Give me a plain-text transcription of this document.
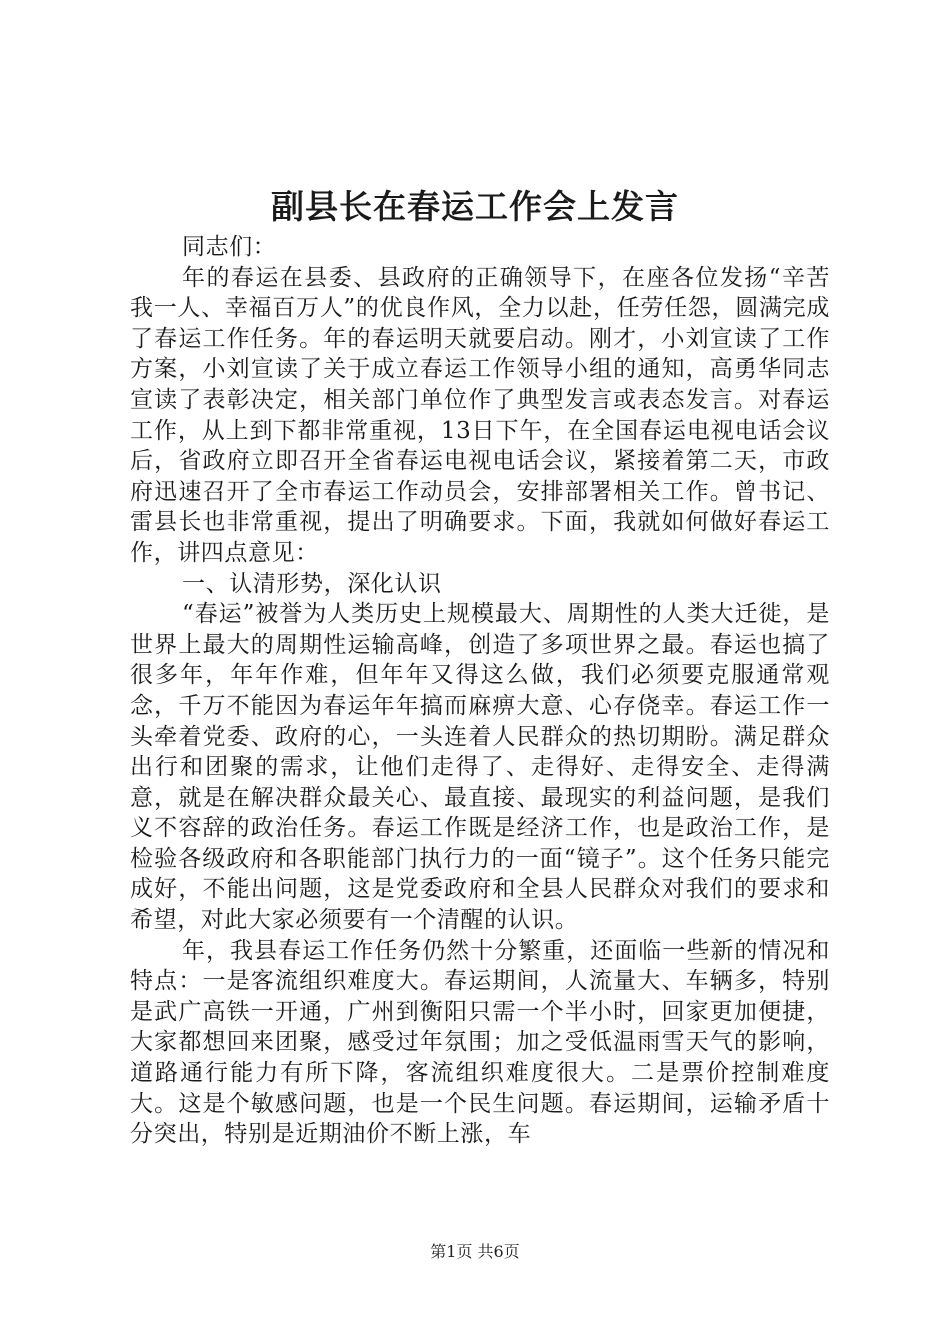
副县长在春运工作会上发言

同志们：

年的春运在县委、县政府的正确领导下，在座各位发扬“辛苦我一人、幸福百万人”的优良作风，全力以赴，任劳任怨，圆满完成了春运工作任务。年的春运明天就要启动。刚才，小刘宣读了工作方案，小刘宣读了关于成立春运工作领导小组的通知，高勇华同志宣读了表彰决定，相关部门单位作了典型发言或表态发言。对春运工作，从上到下都非常重视，13日下午，在全国春运电视电话会议后，省政府立即召开全省春运电视电话会议，紧接着第二天，市政府迅速召开了全市春运工作动员会，安排部署相关工作。曾书记、雷县长也非常重视，提出了明确要求。下面，我就如何做好春运工作，讲四点意见：

一、认清形势，深化认识

“春运”被誉为人类历史上规模最大、周期性的人类大迁徙，是世界上最大的周期性运输高峰，创造了多项世界之最。春运也搞了很多年，年年作难，但年年又得这么做，我们必须要克服通常观念，千万不能因为春运年年搞而麻痹大意、心存侥幸。春运工作一头牵着党委、政府的心，一头连着人民群众的热切期盼。满足群众出行和团聚的需求，让他们走得了、走得好、走得安全、走得满意，就是在解决群众最关心、最直接、最现实的利益问题，是我们义不容辞的政治任务。春运工作既是经济工作，也是政治工作，是检验各级政府和各职能部门执行力的一面“镜子”。这个任务只能完成好，不能出问题，这是党委政府和全县人民群众对我们的要求和希望，对此大家必须要有一个清醒的认识。

年，我县春运工作任务仍然十分繁重，还面临一些新的情况和特点：一是客流组织难度大。春运期间，人流量大、车辆多，特别是武广高铁一开通，广州到衡阳只需一个半小时，回家更加便捷，大家都想回来团聚，感受过年氛围；加之受低温雨雪天气的影响，道路通行能力有所下降，客流组织难度很大。二是票价控制难度大。这是个敏感问题，也是一个民生问题。春运期间，运输矛盾十分突出，特别是近期油价不断上涨，车

第1页 共6页
